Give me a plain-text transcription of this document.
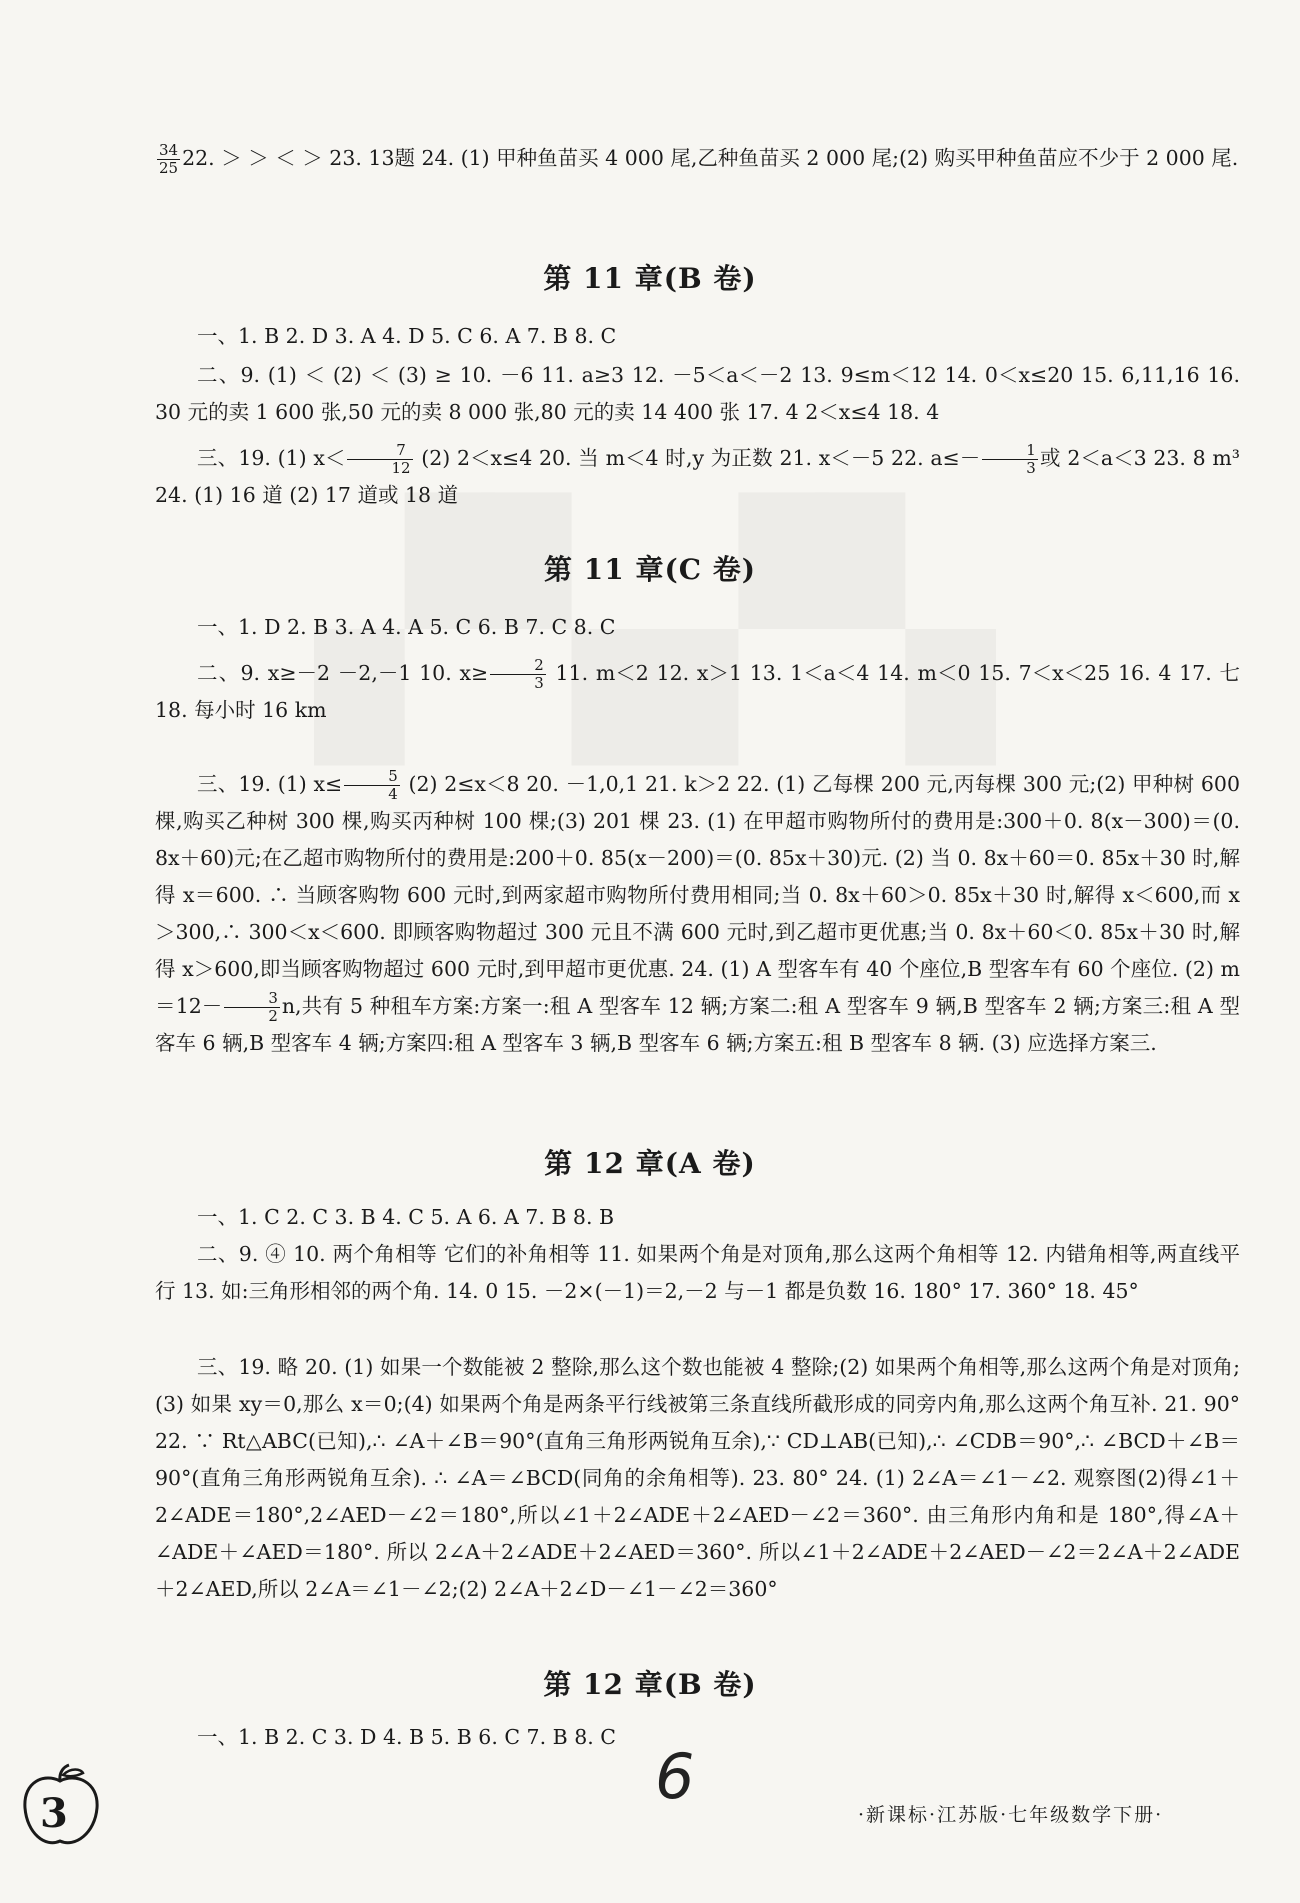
$\frac{34}{25} 22$. ＞ ＞ ＜ ＞ 23. 13题 24. (1) 甲种鱼苗买 4 000 尾,乙种鱼苗买 2 000 尾;(2) 购买甲种鱼苗应不少于 2 000 尾.
第 11 章(B 卷)
一、1. B 2. D 3. A 4. D 5. C 6. A 7. B 8. C
二、9. (1) ＜ (2) ＜ (3) ≥ 10. －6 11. a≥3 12. －5＜a＜－2 13. 9≤m＜12 14. 0＜x≤20 15. 6,11,16 16. 30 元的卖 1 600 张,50 元的卖 8 000 张,80 元的卖 14 400 张 17. 4 2＜x≤4 18. 4
三、19. (1) $x< \frac{7}{12} (2)$ 2＜x≤4 20. 当 m＜4 时,y 为正数 21. x＜－5 22. $a\le- \frac{1}{3}$ 或 2＜a＜3 23. 8 m³ 24. (1) 16 道 (2) 17 道或 18 道
第 11 章(C 卷)
一、1. D 2. B 3. A 4. A 5. C 6. B 7. C 8. C
二、9. x≥－2 －2,－1 10. $x\ge \frac{2}{3} 11$. m＜2 12. x＞1 13. 1＜a＜4 14. m＜0 15. 7＜x＜25 16. 4 17. 七 18. 每小时 16 km
三、19. (1) $x\le \frac{5}{4} (2)$ 2≤x＜8 20. －1,0,1 21. k＞2 22. (1) 乙每棵 200 元,丙每棵 300 元;(2) 甲种树 600 棵,购买乙种树 300 棵,购买丙种树 100 棵;(3) 201 棵 23. (1) 在甲超市购物所付的费用是:300＋0. 8(x－300)＝(0. 8x＋60)元;在乙超市购物所付的费用是:200＋0. 85(x－200)＝(0. 85x＋30)元. (2) 当 0. 8x＋60＝0. 85x＋30 时,解得 x＝600. ∴ 当顾客购物 600 元时,到两家超市购物所付费用相同;当 0. 8x＋60＞0. 85x＋30 时,解得 x＜600,而 x＞300,∴ 300＜x＜600. 即顾客购物超过 300 元且不满 600 元时,到乙超市更优惠;当 0. 8x＋60＜0. 85x＋30 时,解得 x＞600,即当顾客购物超过 600 元时,到甲超市更优惠. 24. (1) A 型客车有 40 个座位,B 型客车有 60 个座位. (2) $m=12- \frac{3}{2} n$,共有 5 种租车方案:方案一:租 A 型客车 12 辆;方案二:租 A 型客车 9 辆,B 型客车 2 辆;方案三:租 A 型客车 6 辆,B 型客车 4 辆;方案四:租 A 型客车 3 辆,B 型客车 6 辆;方案五:租 B 型客车 8 辆. (3) 应选择方案三.
第 12 章(A 卷)
一、1. C 2. C 3. B 4. C 5. A 6. A 7. B 8. B
二、9. ④ 10. 两个角相等 它们的补角相等 11. 如果两个角是对顶角,那么这两个角相等 12. 内错角相等,两直线平行 13. 如:三角形相邻的两个角. 14. 0 15. －2×(－1)＝2,－2 与－1 都是负数 16. 180° 17. 360° 18. 45°
三、19. 略 20. (1) 如果一个数能被 2 整除,那么这个数也能被 4 整除;(2) 如果两个角相等,那么这两个角是对顶角;(3) 如果 xy＝0,那么 x＝0;(4) 如果两个角是两条平行线被第三条直线所截形成的同旁内角,那么这两个角互补. 21. 90° 22. ∵ Rt△ABC(已知),∴ ∠A＋∠B＝90°(直角三角形两锐角互余),∵ CD⊥AB(已知),∴ ∠CDB＝90°,∴ ∠BCD＋∠B＝90°(直角三角形两锐角互余). ∴ ∠A＝∠BCD(同角的余角相等). 23. 80° 24. (1) 2∠A＝∠1－∠2. 观察图(2)得∠1＋2∠ADE＝180°,2∠AED－∠2＝180°,所以∠1＋2∠ADE＋2∠AED－∠2＝360°. 由三角形内角和是 180°,得∠A＋∠ADE＋∠AED＝180°. 所以 2∠A＋2∠ADE＋2∠AED＝360°. 所以∠1＋2∠ADE＋2∠AED－∠2＝2∠A＋2∠ADE＋2∠AED,所以 2∠A＝∠1－∠2;(2) 2∠A＋2∠D－∠1－∠2＝360°
第 12 章(B 卷)
一、1. B 2. C 3. D 4. B 5. B 6. C 7. B 8. C
6
3	·新课标·江苏版·七年级数学下册·
